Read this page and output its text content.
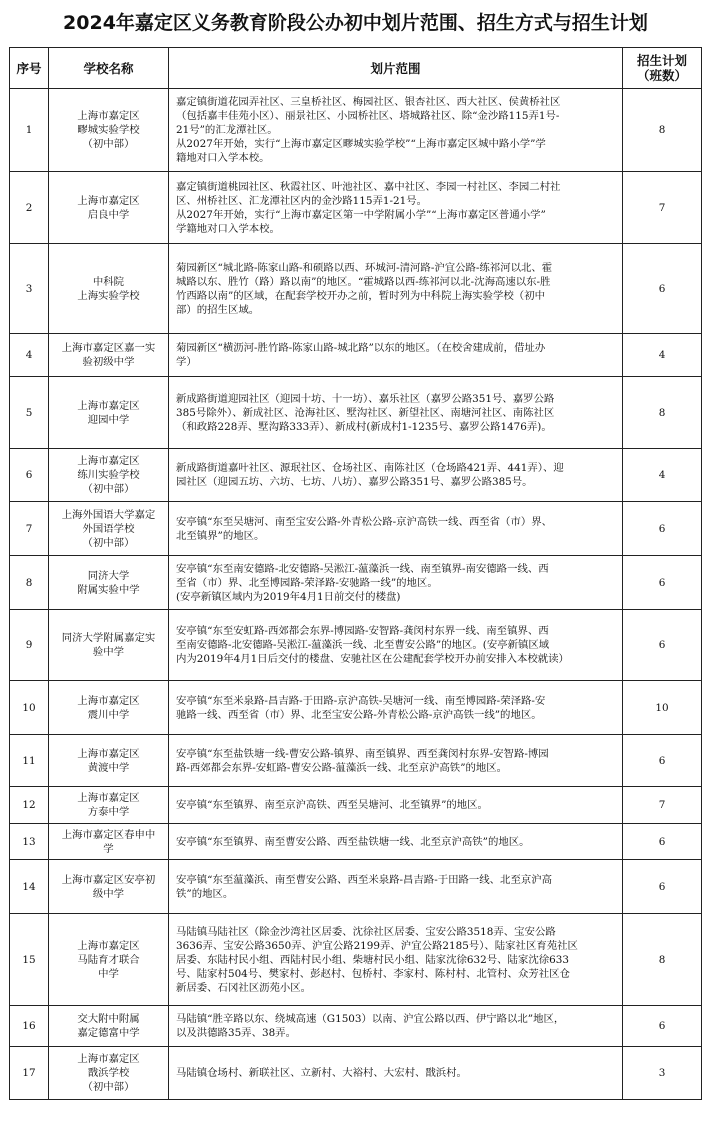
2024年嘉定区义务教育阶段公办初中划片范围、招生方式与招生计划
序号	学校名称	划片范围	招生计划
（班数）

1	上海市嘉定区
疁城实验学校
（初中部）	嘉定镇街道花园弄社区、三皇桥社区、梅园社区、银杏社区、西大社区、侯黄桥社区
（包括嘉丰佳苑小区）、丽景社区、小园桥社区、塔城路社区、除“金沙路115弄1号-
21号”的汇龙潭社区。
从2027年开始，实行“上海市嘉定区疁城实验学校”“上海市嘉定区城中路小学”学
籍地对口入学本校。	8
2	上海市嘉定区
启良中学	嘉定镇街道桃园社区、秋霞社区、叶池社区、嘉中社区、李园一村社区、李园二村社
区、州桥社区、汇龙潭社区内的金沙路115弄1-21号。
从2027年开始，实行“上海市嘉定区第一中学附属小学”“上海市嘉定区普通小学”
学籍地对口入学本校。	7
3	中科院
上海实验学校	菊园新区“城北路-陈家山路-和硕路以西、环城河-清河路-沪宜公路-练祁河以北、霍
城路以东、胜竹（路）路以南”的地区。“霍城路以西-练祁河以北-沈海高速以东-胜
竹西路以南”的区域，在配套学校开办之前，暂时列为中科院上海实验学校（初中
部）的招生区域。	6
4	上海市嘉定区嘉一实
验初级中学	菊园新区“横沥河-胜竹路-陈家山路-城北路”以东的地区。（在校舍建成前，借址办
学）	4
5	上海市嘉定区
迎园中学	新成路街道迎园社区（迎园十坊、十一坊）、嘉乐社区（嘉罗公路351号、嘉罗公路
385号除外）、新成社区、沧海社区、墅沟社区、新望社区、南塘河社区、南陈社区
（和政路228弄、墅沟路333弄）、新成村(新成村1-1235号、嘉罗公路1476弄)。	8
6	上海市嘉定区
练川实验学校
（初中部）	新成路街道嘉叶社区、源珉社区、仓场社区、南陈社区（仓场路421弄、441弄）、迎
园社区（迎园五坊、六坊、七坊、八坊）、嘉罗公路351号、嘉罗公路385号。	4
7	上海外国语大学嘉定
外国语学校
（初中部）	安亭镇“东至吴塘河、南至宝安公路-外青松公路-京沪高铁一线、西至省（市）界、
北至镇界”的地区。	6
8	同济大学
附属实验中学	安亭镇“东至南安德路-北安德路-吴淞江-蕰藻浜一线、南至镇界-南安德路一线、西
至省（市）界、北至博园路-荣泽路-安驰路一线”的地区。
(安亭新镇区域内为2019年4月1日前交付的楼盘)	6
9	同济大学附属嘉定实
验中学	安亭镇“东至安虹路-西郊都会东界-博园路-安智路-龚闵村东界一线、南至镇界、西
至南安德路-北安德路-吴淞江-蕰藻浜一线、北至曹安公路”的地区。(安亭新镇区域
内为2019年4月1日后交付的楼盘、安驰社区在公建配套学校开办前安排入本校就读）	6
10	上海市嘉定区
震川中学	安亭镇“东至米泉路-昌吉路-于田路-京沪高铁-吴塘河一线、南至博园路-荣泽路-安
驰路一线、西至省（市）界、北至宝安公路-外青松公路-京沪高铁一线”的地区。	10
11	上海市嘉定区
黄渡中学	安亭镇“东至盐铁塘一线-曹安公路-镇界、南至镇界、西至龚闵村东界-安智路-博园
路-西郊都会东界-安虹路-曹安公路-蕰藻浜一线、北至京沪高铁”的地区。	6
12	上海市嘉定区
方泰中学	安亭镇“东至镇界、南至京沪高铁、西至吴塘河、北至镇界”的地区。	7
13	上海市嘉定区春申中
学	安亭镇“东至镇界、南至曹安公路、西至盐铁塘一线、北至京沪高铁”的地区。	6
14	上海市嘉定区安亭初
级中学	安亭镇“东至蕰藻浜、南至曹安公路、西至米泉路-昌吉路-于田路一线、北至京沪高
铁”的地区。	6
15	上海市嘉定区
马陆育才联合
中学	马陆镇马陆社区（除金沙湾社区居委、沈徐社区居委、宝安公路3518弄、宝安公路
3636弄、宝安公路3650弄、沪宜公路2199弄、沪宜公路2185号）、陆家社区育苑社区
居委、东陆村民小组、西陆村民小组、柴塘村民小组、陆家沈徐632号、陆家沈徐633
号、陆家村504号、樊家村、彭赵村、包桥村、李家村、陈村村、北管村、众芳社区仓
新居委、石冈社区沥苑小区。	8
16	交大附中附属
嘉定德富中学	马陆镇“胜辛路以东、绕城高速（G1503）以南、沪宜公路以西、伊宁路以北”地区，
以及洪德路35弄、38弄。	6
17	上海市嘉定区
戬浜学校
（初中部）	马陆镇仓场村、新联社区、立新村、大裕村、大宏村、戬浜村。	3
